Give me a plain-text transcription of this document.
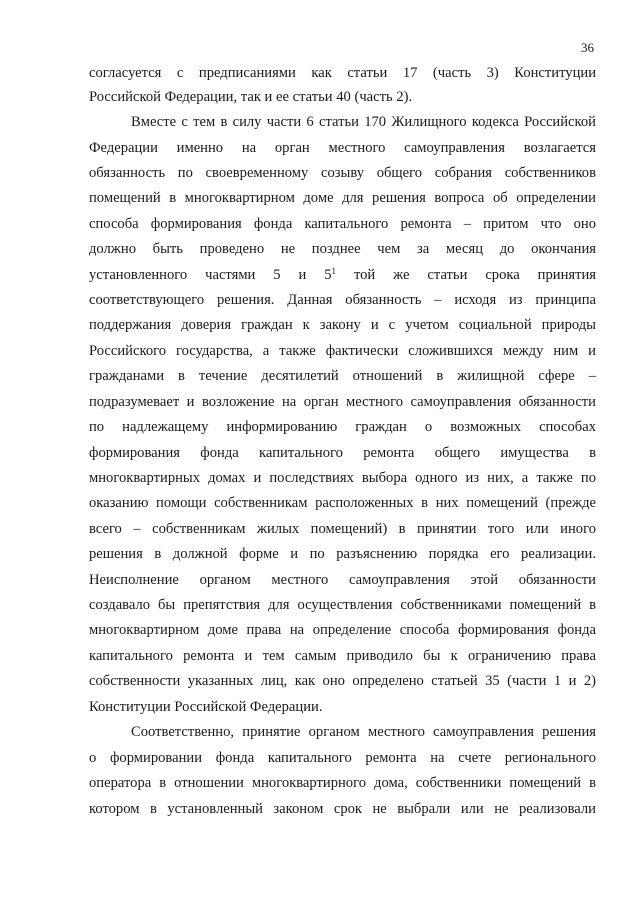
36
согласуется с предписаниями как статьи 17 (часть 3) Конституции
Российской Федерации, так и ее статьи 40 (часть 2).
Вместе с тем в силу части 6 статьи 170 Жилищного кодекса Российской
Федерации именно на орган местного самоуправления возлагается
обязанность по своевременному созыву общего собрания собственников
помещений в многоквартирном доме для решения вопроса об определении
способа формирования фонда капитального ремонта – притом что оно
должно быть проведено не позднее чем за месяц до окончания
установленного частями 5 и $5^1$ той же статьи срока принятия
соответствующего решения. Данная обязанность – исходя из принципа
поддержания доверия граждан к закону и с учетом социальной природы
Российского государства, а также фактически сложившихся между ним и
гражданами в течение десятилетий отношений в жилищной сфере –
подразумевает и возложение на орган местного самоуправления обязанности
по надлежащему информированию граждан о возможных способах
формирования фонда капитального ремонта общего имущества в
многоквартирных домах и последствиях выбора одного из них, а также по
оказанию помощи собственникам расположенных в них помещений (прежде
всего – собственникам жилых помещений) в принятии того или иного
решения в должной форме и по разъяснению порядка его реализации.
Неисполнение органом местного самоуправления этой обязанности
создавало бы препятствия для осуществления собственниками помещений в
многоквартирном доме права на определение способа формирования фонда
капитального ремонта и тем самым приводило бы к ограничению права
собственности указанных лиц, как оно определено статьей 35 (части 1 и 2)
Конституции Российской Федерации.
Соответственно, принятие органом местного самоуправления решения
о формировании фонда капитального ремонта на счете регионального
оператора в отношении многоквартирного дома, собственники помещений в
котором в установленный законом срок не выбрали или не реализовали
